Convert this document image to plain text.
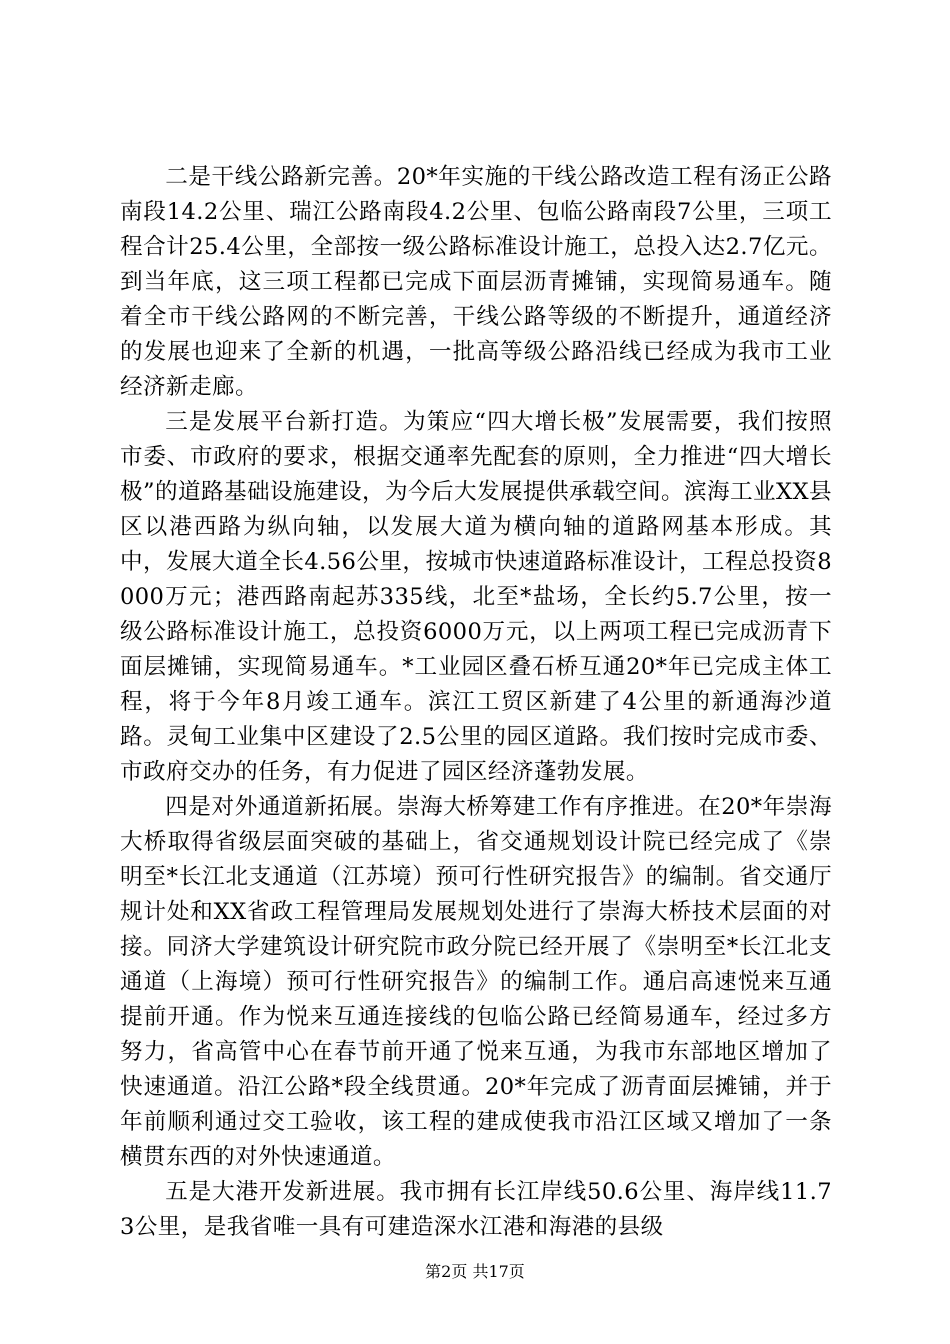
二是干线公路新完善。20*年实施的干线公路改造工程有汤正公路南段14.2公里、瑞江公路南段4.2公里、包临公路南段7公里，三项工程合计25.4公里，全部按一级公路标准设计施工，总投入达2.7亿元。到当年底，这三项工程都已完成下面层沥青摊铺，实现简易通车。随着全市干线公路网的不断完善，干线公路等级的不断提升，通道经济的发展也迎来了全新的机遇，一批高等级公路沿线已经成为我市工业经济新走廊。

三是发展平台新打造。为策应“四大增长极”发展需要，我们按照市委、市政府的要求，根据交通率先配套的原则，全力推进“四大增长极”的道路基础设施建设，为今后大发展提供承载空间。滨海工业XX县区以港西路为纵向轴，以发展大道为横向轴的道路网基本形成。其中，发展大道全长4.56公里，按城市快速道路标准设计，工程总投资8000万元；港西路南起苏335线，北至*盐场，全长约5.7公里，按一级公路标准设计施工，总投资6000万元，以上两项工程已完成沥青下面层摊铺，实现简易通车。*工业园区叠石桥互通20*年已完成主体工程，将于今年8月竣工通车。滨江工贸区新建了4公里的新通海沙道路。灵甸工业集中区建设了2.5公里的园区道路。我们按时完成市委、市政府交办的任务，有力促进了园区经济蓬勃发展。

四是对外通道新拓展。崇海大桥筹建工作有序推进。在20*年崇海大桥取得省级层面突破的基础上，省交通规划设计院已经完成了《崇明至*长江北支通道（江苏境）预可行性研究报告》的编制。省交通厅规计处和XX省政工程管理局发展规划处进行了崇海大桥技术层面的对接。同济大学建筑设计研究院市政分院已经开展了《崇明至*长江北支通道（上海境）预可行性研究报告》的编制工作。通启高速悦来互通提前开通。作为悦来互通连接线的包临公路已经简易通车，经过多方努力，省高管中心在春节前开通了悦来互通，为我市东部地区增加了快速通道。沿江公路*段全线贯通。20*年完成了沥青面层摊铺，并于年前顺利通过交工验收，该工程的建成使我市沿江区域又增加了一条横贯东西的对外快速通道。

五是大港开发新进展。我市拥有长江岸线50.6公里、海岸线11.73公里，是我省唯一具有可建造深水江港和海港的县级

第2页 共17页
